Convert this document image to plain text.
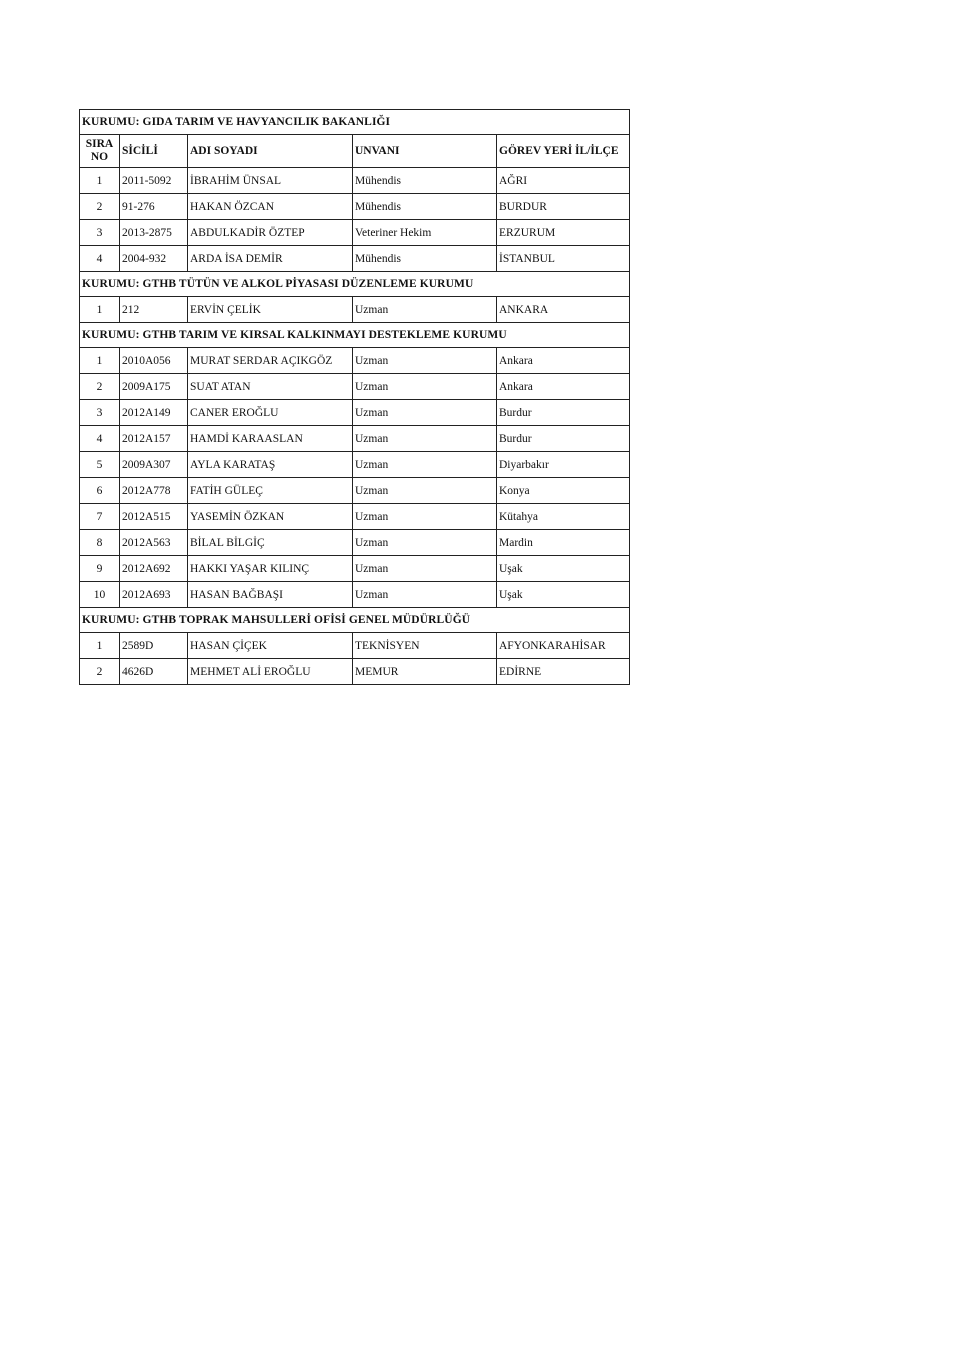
KURUMU: GIDA TARIM VE HAVYANCILIK BAKANLIĞI				
SIRA NO	SİCİLİ	ADI SOYADI	UNVANI	GÖREV YERİ İL/İLÇE
1	2011-5092	İBRAHİM ÜNSAL	Mühendis	AĞRI
2	91-276	HAKAN ÖZCAN	Mühendis	BURDUR
3	2013-2875	ABDULKADİR ÖZTEP	Veteriner Hekim	ERZURUM
4	2004-932	ARDA İSA DEMİR	Mühendis	İSTANBUL
KURUMU: GTHB TÜTÜN VE ALKOL PİYASASI DÜZENLEME KURUMU				
1	212	ERVİN ÇELİK	Uzman	ANKARA
KURUMU: GTHB TARIM VE KIRSAL KALKINMAYI DESTEKLEME KURUMU				
1	2010A056	MURAT SERDAR AÇIKGÖZ	Uzman	Ankara
2	2009A175	SUAT ATAN	Uzman	Ankara
3	2012A149	CANER EROĞLU	Uzman	Burdur
4	2012A157	HAMDİ KARAASLAN	Uzman	Burdur
5	2009A307	AYLA KARATAŞ	Uzman	Diyarbakır
6	2012A778	FATİH GÜLEÇ	Uzman	Konya
7	2012A515	YASEMİN ÖZKAN	Uzman	Kütahya
8	2012A563	BİLAL BİLGİÇ	Uzman	Mardin
9	2012A692	HAKKI YAŞAR KILINÇ	Uzman	Uşak
10	2012A693	HASAN BAĞBAŞI	Uzman	Uşak
KURUMU: GTHB TOPRAK MAHSULLERİ OFİSİ GENEL MÜDÜRLÜĞÜ				
1	2589D	HASAN ÇİÇEK	TEKNİSYEN	AFYONKARAHİSAR
2	4626D	MEHMET ALİ EROĞLU	MEMUR	EDİRNE
